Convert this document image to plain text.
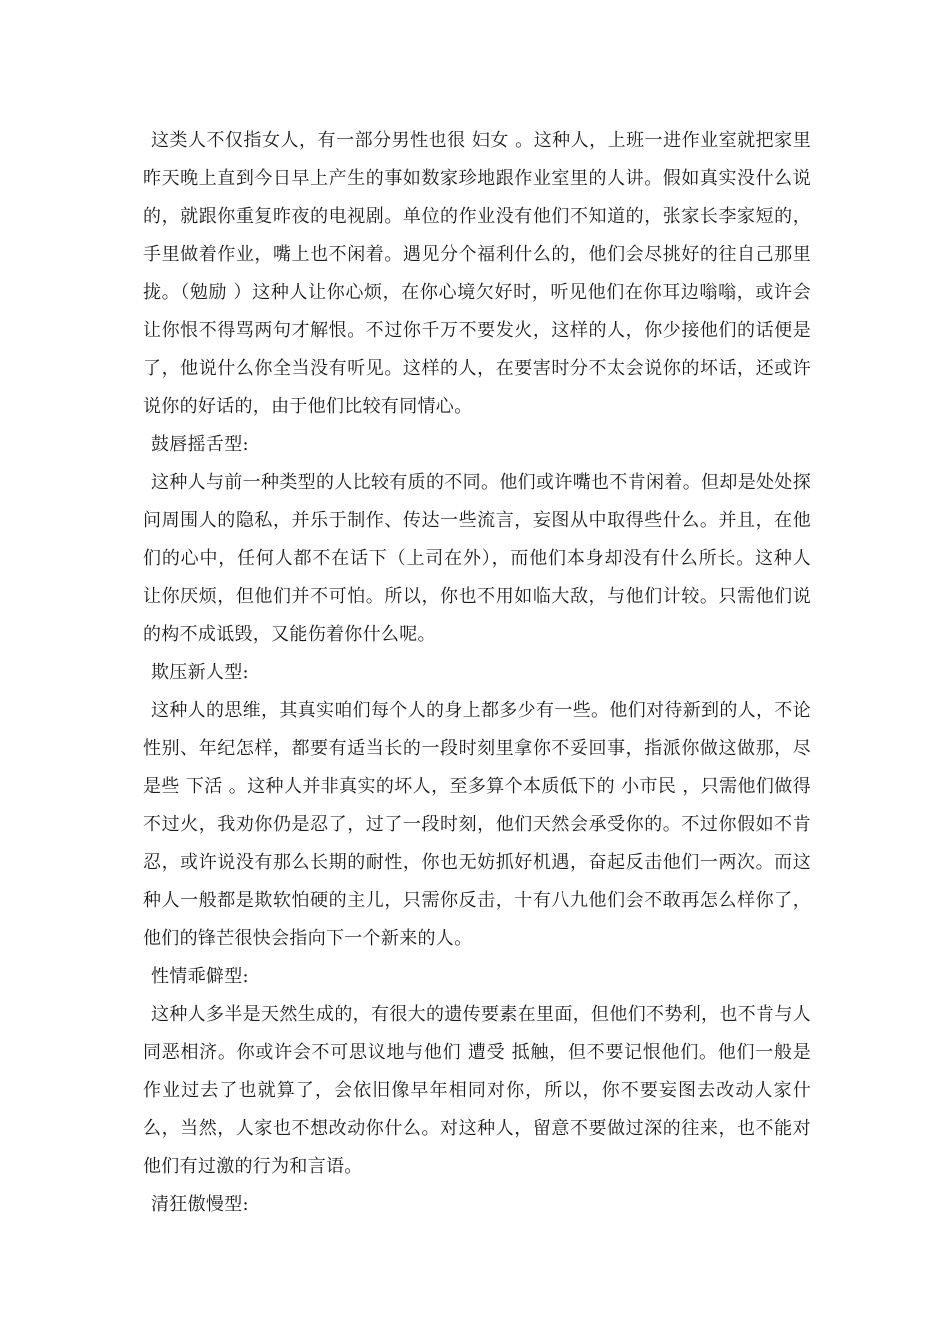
这类人不仅指女人，有一部分男性也很 妇女 。这种人，上班一进作业室就把家里昨天晚上直到今日早上产生的事如数家珍地跟作业室里的人讲。假如真实没什么说的，就跟你重复昨夜的电视剧。单位的作业没有他们不知道的，张家长李家短的，手里做着作业，嘴上也不闲着。遇见分个福利什么的，他们会尽挑好的往自己那里拢。（勉励 ）这种人让你心烦，在你心境欠好时，听见他们在你耳边嗡嗡，或许会让你恨不得骂两句才解恨。不过你千万不要发火，这样的人，你少接他们的话便是了，他说什么你全当没有听见。这样的人，在要害时分不太会说你的坏话，还或许说你的好话的，由于他们比较有同情心。

鼓唇摇舌型:

这种人与前一种类型的人比较有质的不同。他们或许嘴也不肯闲着。但却是处处探问周围人的隐私，并乐于制作、传达一些流言，妄图从中取得些什么。并且，在他们的心中，任何人都不在话下（上司在外），而他们本身却没有什么所长。这种人让你厌烦，但他们并不可怕。所以，你也不用如临大敌，与他们计较。只需他们说的构不成诋毁，又能伤着你什么呢。

欺压新人型:

这种人的思维，其真实咱们每个人的身上都多少有一些。他们对待新到的人，不论性别、年纪怎样，都要有适当长的一段时刻里拿你不妥回事，指派你做这做那，尽是些 下活 。这种人并非真实的坏人，至多算个本质低下的 小市民 ，只需他们做得不过火，我劝你仍是忍了，过了一段时刻，他们天然会承受你的。不过你假如不肯忍，或许说没有那么长期的耐性，你也无妨抓好机遇，奋起反击他们一两次。而这种人一般都是欺软怕硬的主儿，只需你反击，十有八九他们会不敢再怎么样你了，他们的锋芒很快会指向下一个新来的人。

性情乖僻型:

这种人多半是天然生成的，有很大的遗传要素在里面，但他们不势利，也不肯与人同恶相济。你或许会不可思议地与他们 遭受 抵触，但不要记恨他们。他们一般是作业过去了也就算了，会依旧像早年相同对你，所以，你不要妄图去改动人家什么，当然，人家也不想改动你什么。对这种人，留意不要做过深的往来，也不能对他们有过激的行为和言语。

清狂傲慢型:
